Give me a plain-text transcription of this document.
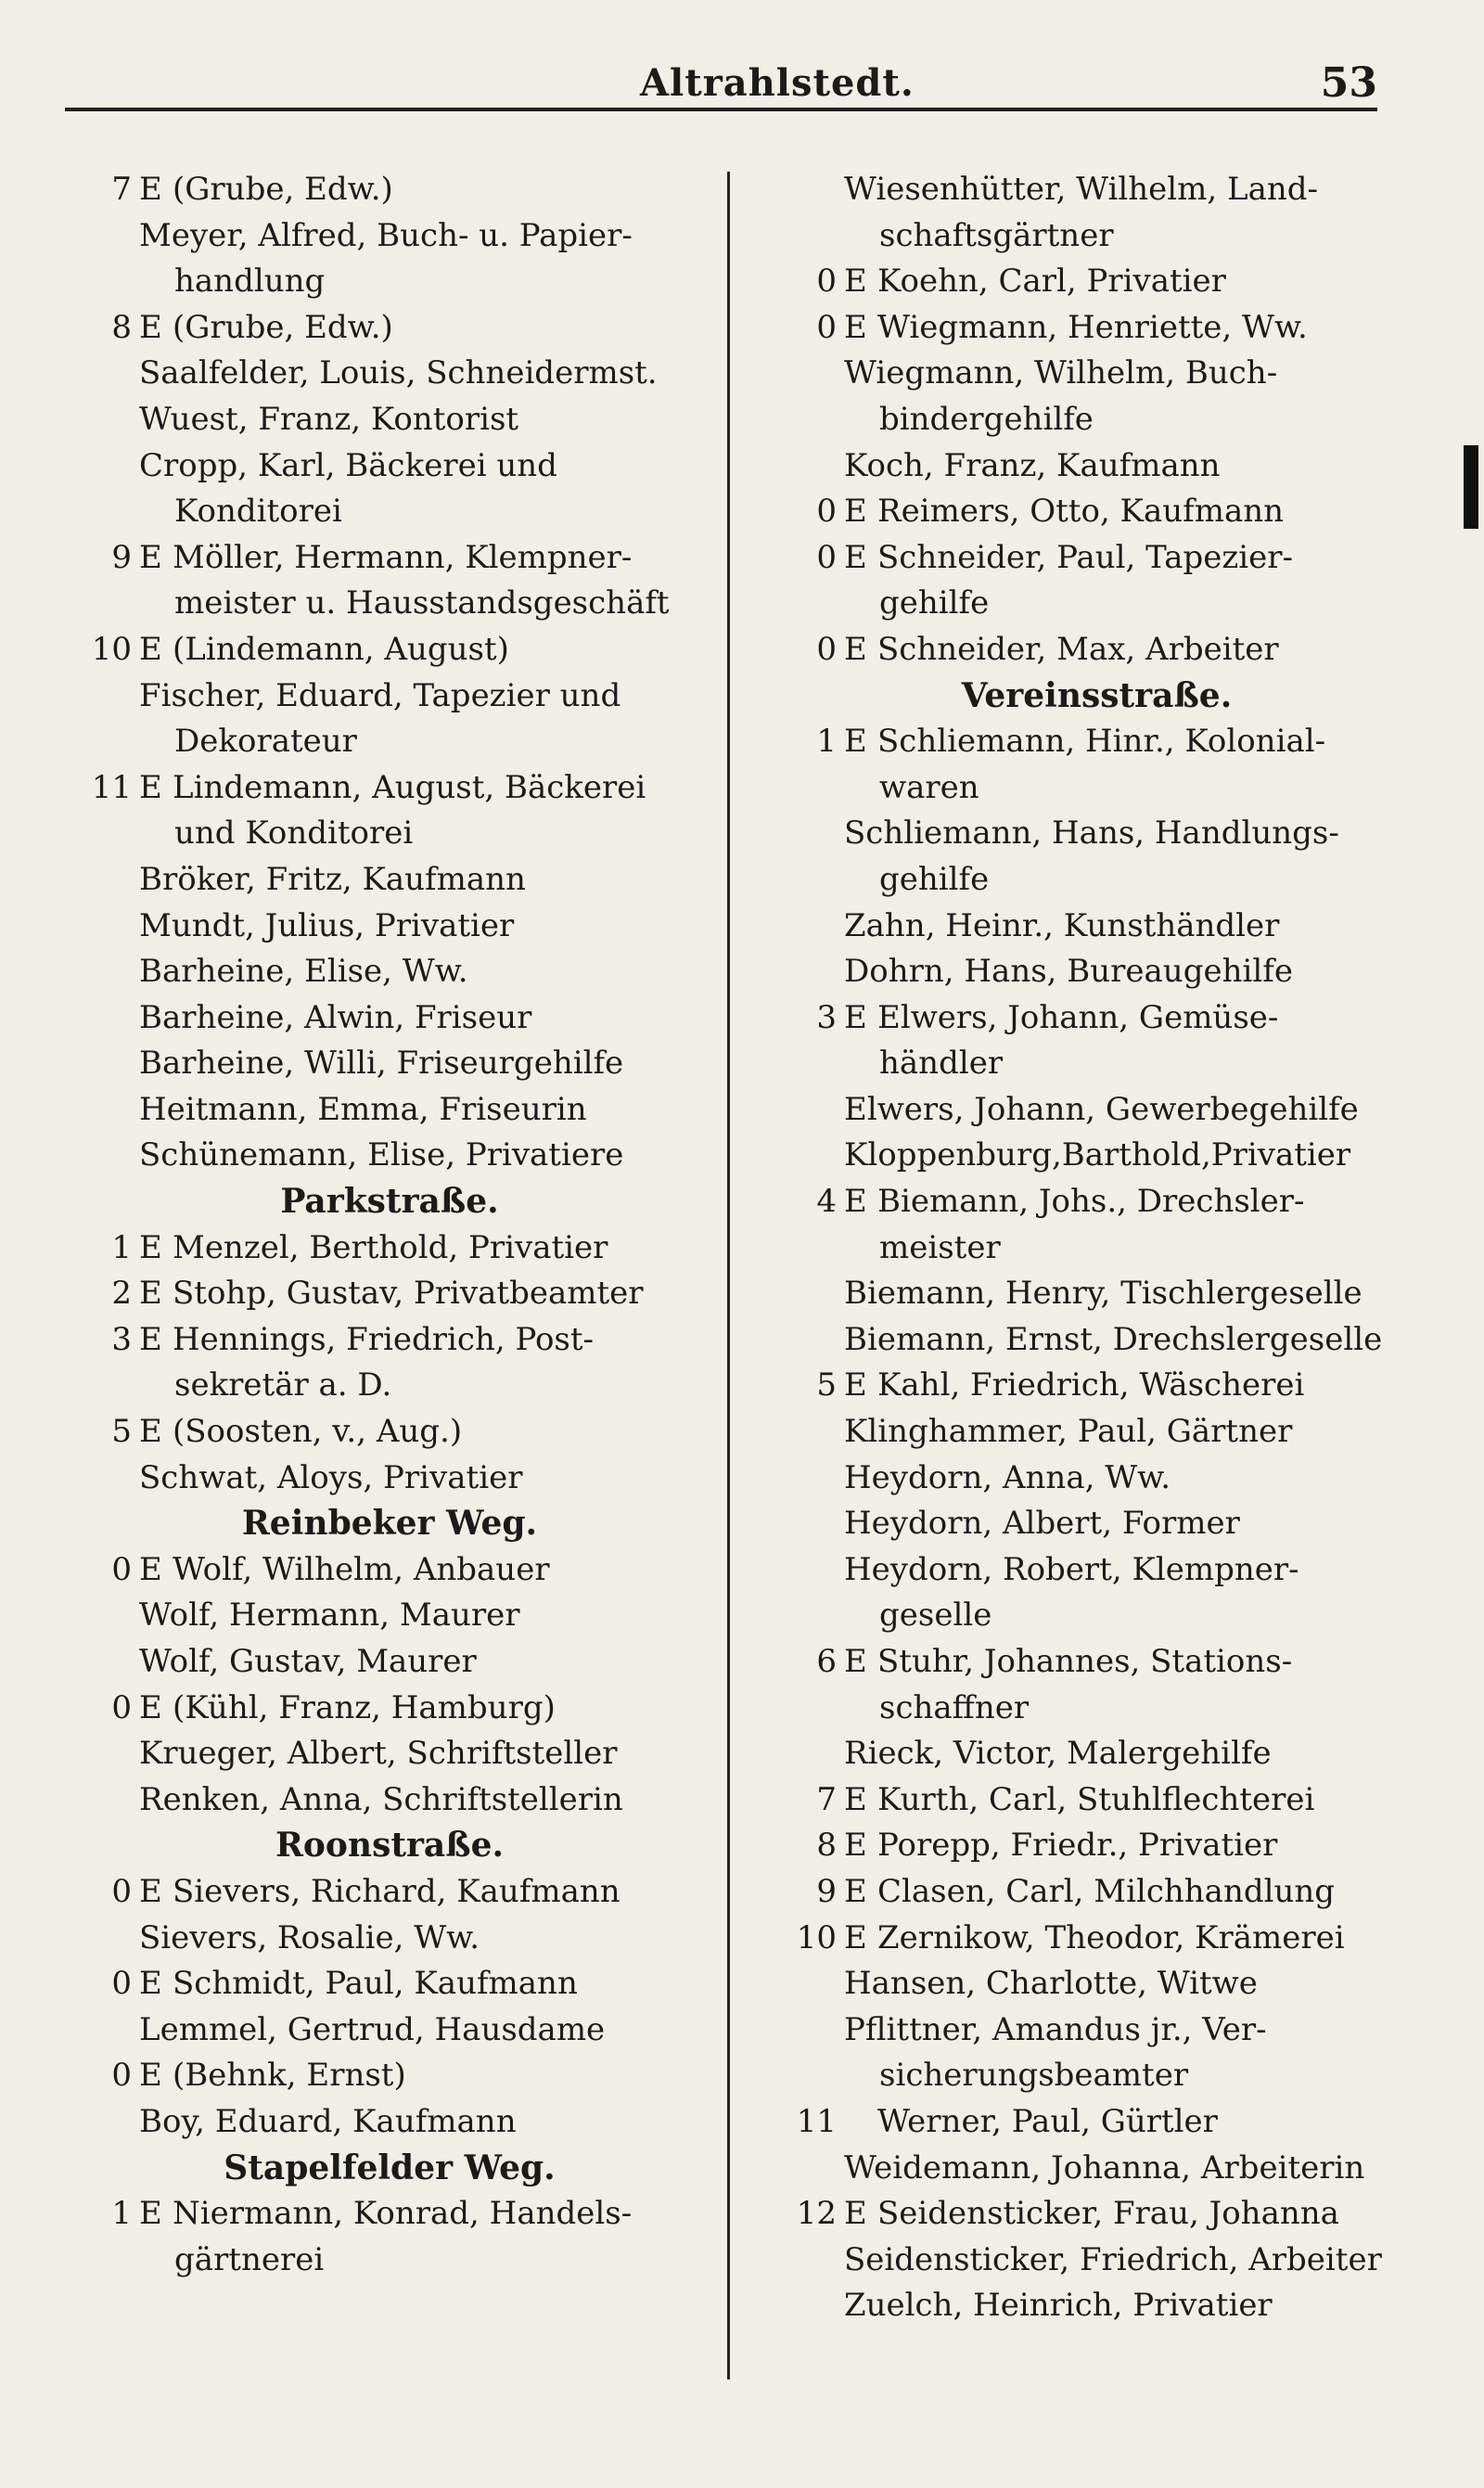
Altrahlstedt.	53
7 E (Grube, Edw.)
Meyer, Alfred, Buch- u. Papier-
handlung
8 E (Grube, Edw.)
Saalfelder, Louis, Schneidermst.
Wuest, Franz, Kontorist
Cropp, Karl, Bäckerei und
Konditorei
9 E Möller, Hermann, Klempner-
meister u. Hausstandsgeschäft
10 E (Lindemann, August)
Fischer, Eduard, Tapezier und
Dekorateur
11 E Lindemann, August, Bäckerei
und Konditorei
Bröker, Fritz, Kaufmann
Mundt, Julius, Privatier
Barheine, Elise, Ww.
Barheine, Alwin, Friseur
Barheine, Willi, Friseurgehilfe
Heitmann, Emma, Friseurin
Schünemann, Elise, Privatiere
Parkstraße.
1 E Menzel, Berthold, Privatier
2 E Stohp, Gustav, Privatbeamter
3 E Hennings, Friedrich, Post-
sekretär a. D.
5 E (Soosten, v., Aug.)
Schwat, Aloys, Privatier
Reinbeker Weg.
0 E Wolf, Wilhelm, Anbauer
Wolf, Hermann, Maurer
Wolf, Gustav, Maurer
0 E (Kühl, Franz, Hamburg)
Krueger, Albert, Schriftsteller
Renken, Anna, Schriftstellerin
Roonstraße.
0 E Sievers, Richard, Kaufmann
Sievers, Rosalie, Ww.
0 E Schmidt, Paul, Kaufmann
Lemmel, Gertrud, Hausdame
0 E (Behnk, Ernst)
Boy, Eduard, Kaufmann
Stapelfelder Weg.
1 E Niermann, Konrad, Handels-
gärtnerei
Wiesenhütter, Wilhelm, Land-
schaftsgärtner
0 E Koehn, Carl, Privatier
0 E Wiegmann, Henriette, Ww.
Wiegmann, Wilhelm, Buch-
bindergehilfe
Koch, Franz, Kaufmann
0 E Reimers, Otto, Kaufmann
0 E Schneider, Paul, Tapezier-
gehilfe
0 E Schneider, Max, Arbeiter
Vereinsstraße.
1 E Schliemann, Hinr., Kolonial-
waren
Schliemann, Hans, Handlungs-
gehilfe
Zahn, Heinr., Kunsthändler
Dohrn, Hans, Bureaugehilfe
3 E Elwers, Johann, Gemüse-
händler
Elwers, Johann, Gewerbegehilfe
Kloppenburg,Barthold,Privatier
4 E Biemann, Johs., Drechsler-
meister
Biemann, Henry, Tischlergeselle
Biemann, Ernst, Drechslergeselle
5 E Kahl, Friedrich, Wäscherei
Klinghammer, Paul, Gärtner
Heydorn, Anna, Ww.
Heydorn, Albert, Former
Heydorn, Robert, Klempner-
geselle
6 E Stuhr, Johannes, Stations-
schaffner
Rieck, Victor, Malergehilfe
7 E Kurth, Carl, Stuhlflechterei
8 E Porepp, Friedr., Privatier
9 E Clasen, Carl, Milchhandlung
10 E Zernikow, Theodor, Krämerei
Hansen, Charlotte, Witwe
Pflittner, Amandus jr., Ver-
sicherungsbeamter
11 Werner, Paul, Gürtler
Weidemann, Johanna, Arbeiterin
12 E Seidensticker, Frau, Johanna
Seidensticker, Friedrich, Arbeiter
Zuelch, Heinrich, Privatier
